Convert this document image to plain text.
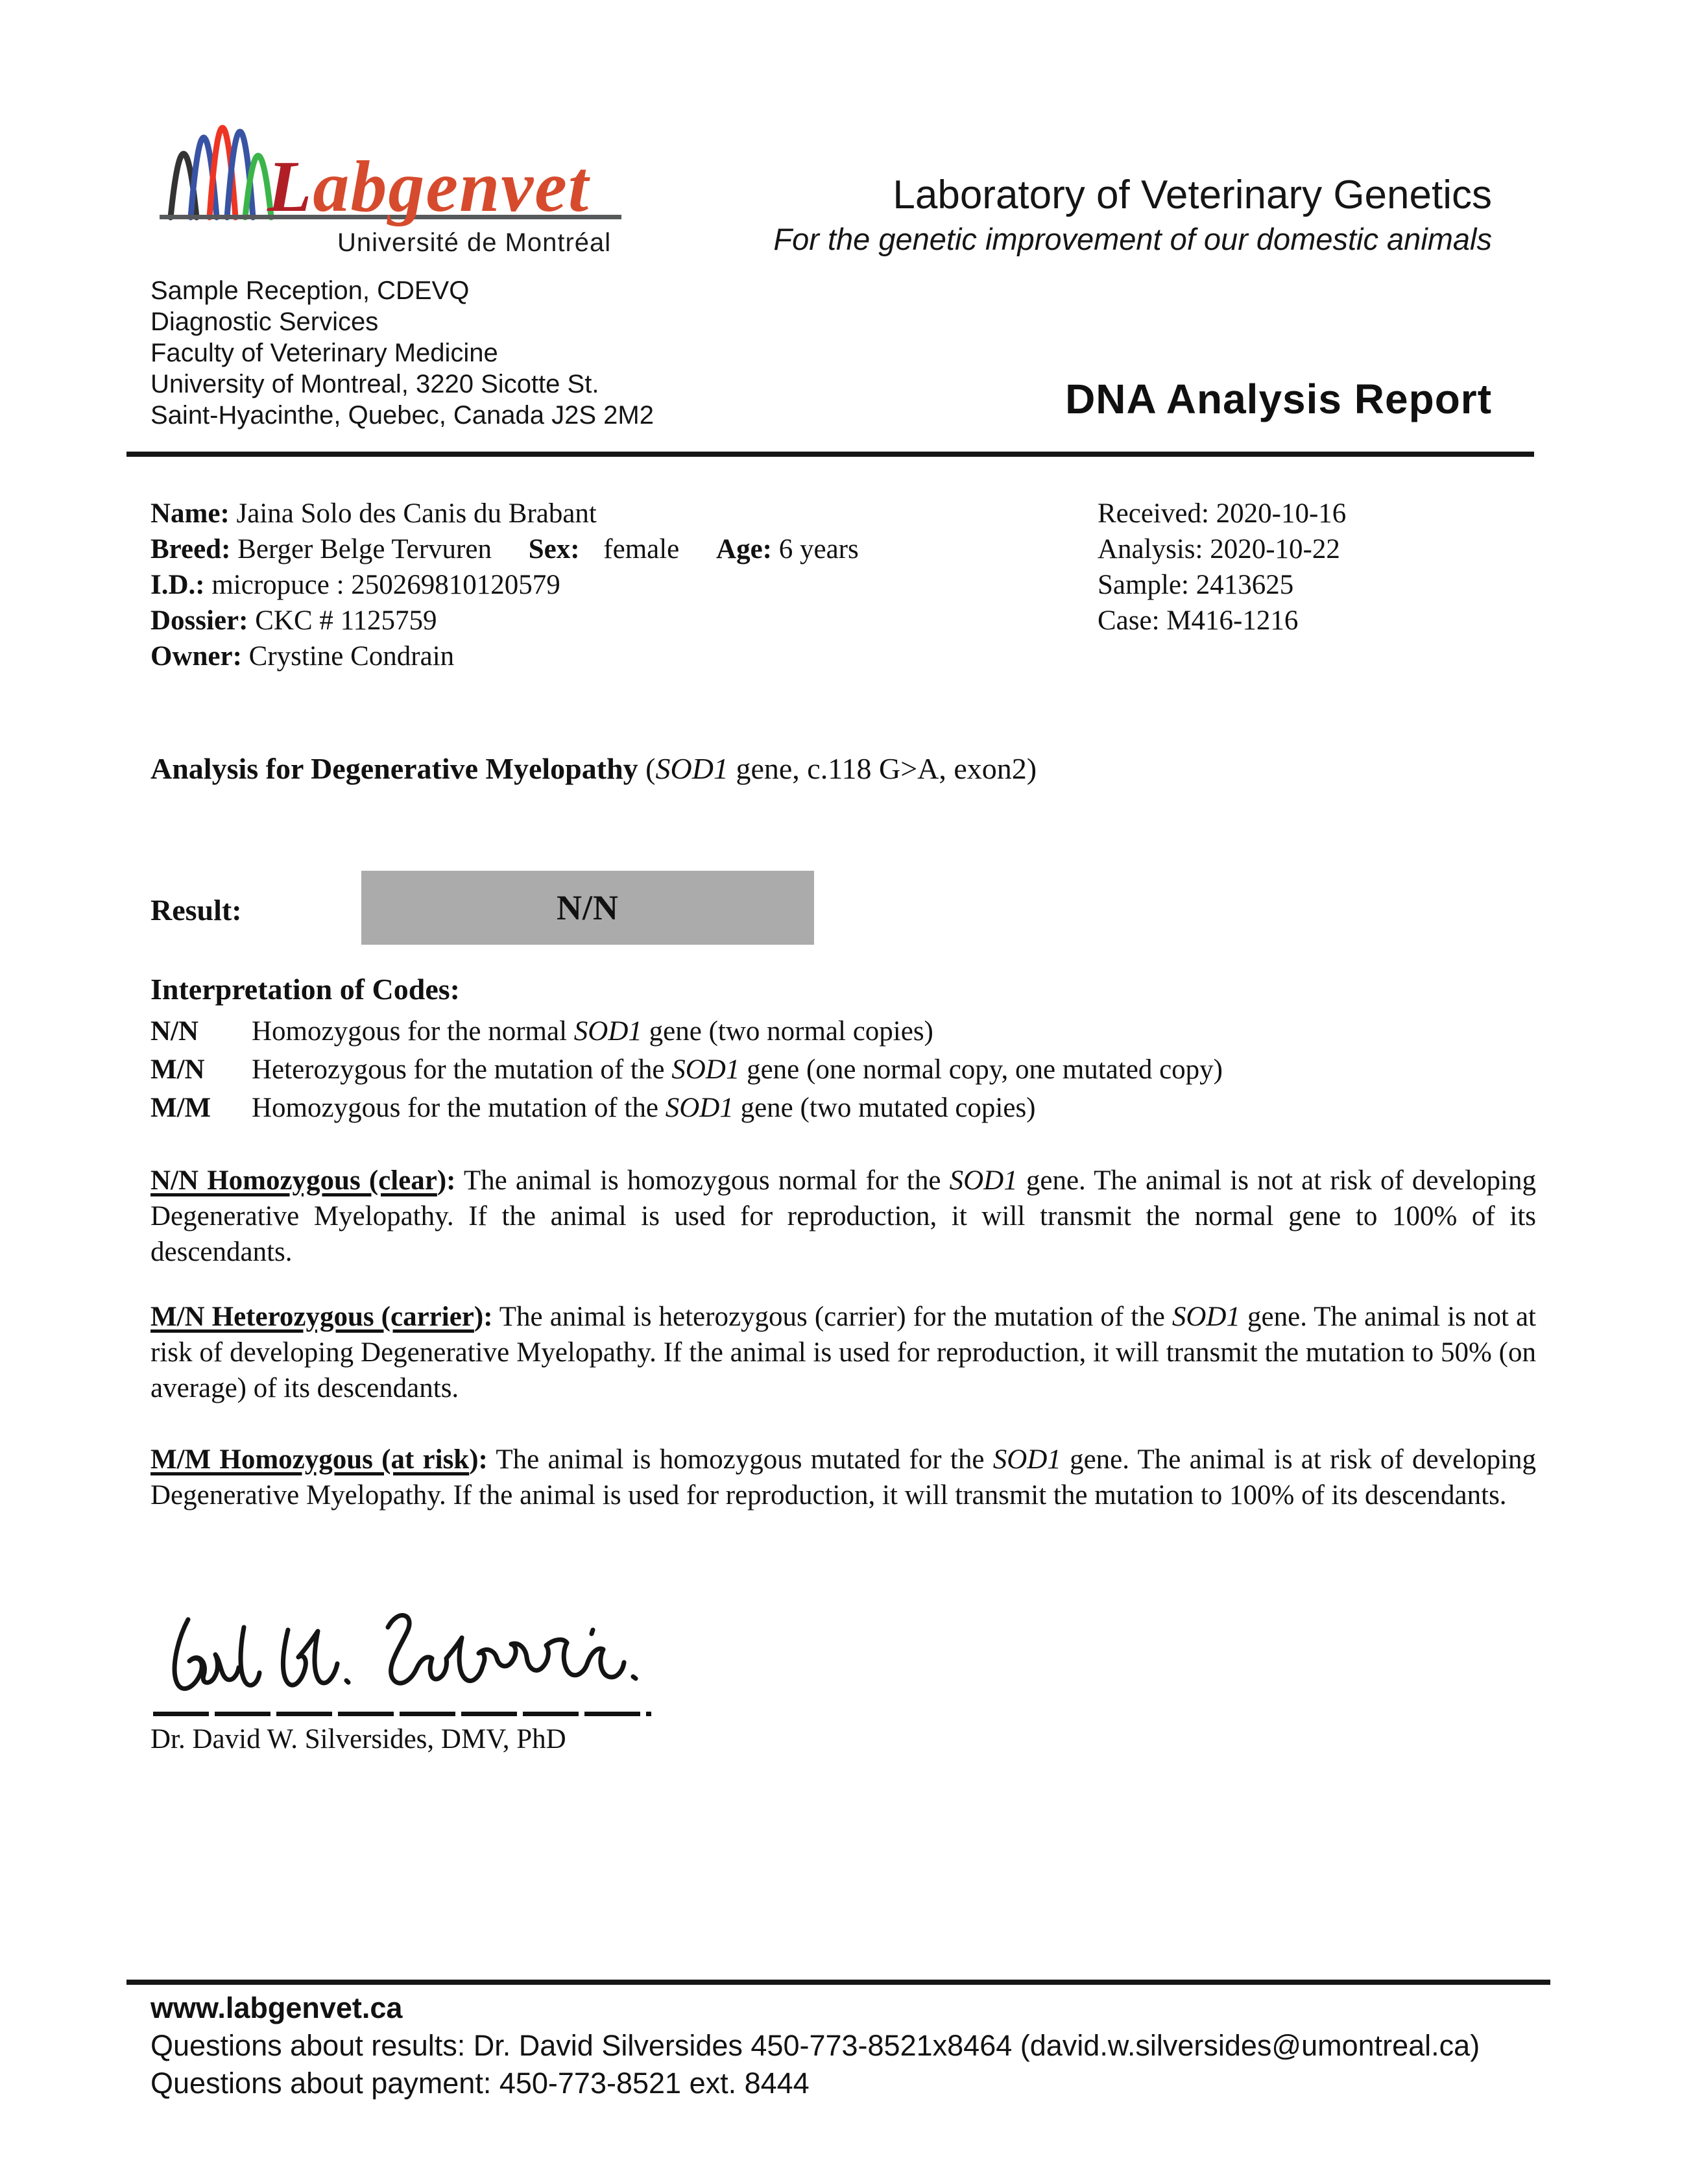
Labgenvet
Université de Montréal
Laboratory of Veterinary Genetics
For the genetic improvement of our domestic animals
DNA Analysis Report
Sample Reception, CDEVQ
Diagnostic Services
Faculty of Veterinary Medicine
University of Montreal, 3220 Sicotte St.
Saint-Hyacinthe, Quebec, Canada J2S 2M2
Name: Jaina Solo des Canis du Brabant
Breed: Berger Belge Tervuren Sex: female Age: 6 years
I.D.: micropuce : 250269810120579
Dossier: CKC # 1125759
Owner: Crystine Condrain
Received: 2020-10-16
Analysis: 2020-10-22
Sample: 2413625
Case: M416-1216
Analysis for Degenerative Myelopathy (SOD1 gene, c.118 G>A, exon2)
Result:	N/N
Interpretation of Codes:
N/N	Homozygous for the normal SOD1 gene (two normal copies)
M/N	Heterozygous for the mutation of the SOD1 gene (one normal copy, one mutated copy)
M/M	Homozygous for the mutation of the SOD1 gene (two mutated copies)
N/N Homozygous (clear): The animal is homozygous normal for the SOD1 gene. The animal is not at risk of developing Degenerative Myelopathy. If the animal is used for reproduction, it will transmit the normal gene to 100% of its descendants.
M/N Heterozygous (carrier): The animal is heterozygous (carrier) for the mutation of the SOD1 gene. The animal is not at risk of developing Degenerative Myelopathy. If the animal is used for reproduction, it will transmit the mutation to 50% (on average) of its descendants.
M/M Homozygous (at risk): The animal is homozygous mutated for the SOD1 gene. The animal is at risk of developing Degenerative Myelopathy. If the animal is used for reproduction, it will transmit the mutation to 100% of its descendants.
Dr. David W. Silversides, DMV, PhD
www.labgenvet.ca
Questions about results: Dr. David Silversides 450-773-8521x8464 (david.w.silversides@umontreal.ca)
Questions about payment: 450-773-8521 ext. 8444
